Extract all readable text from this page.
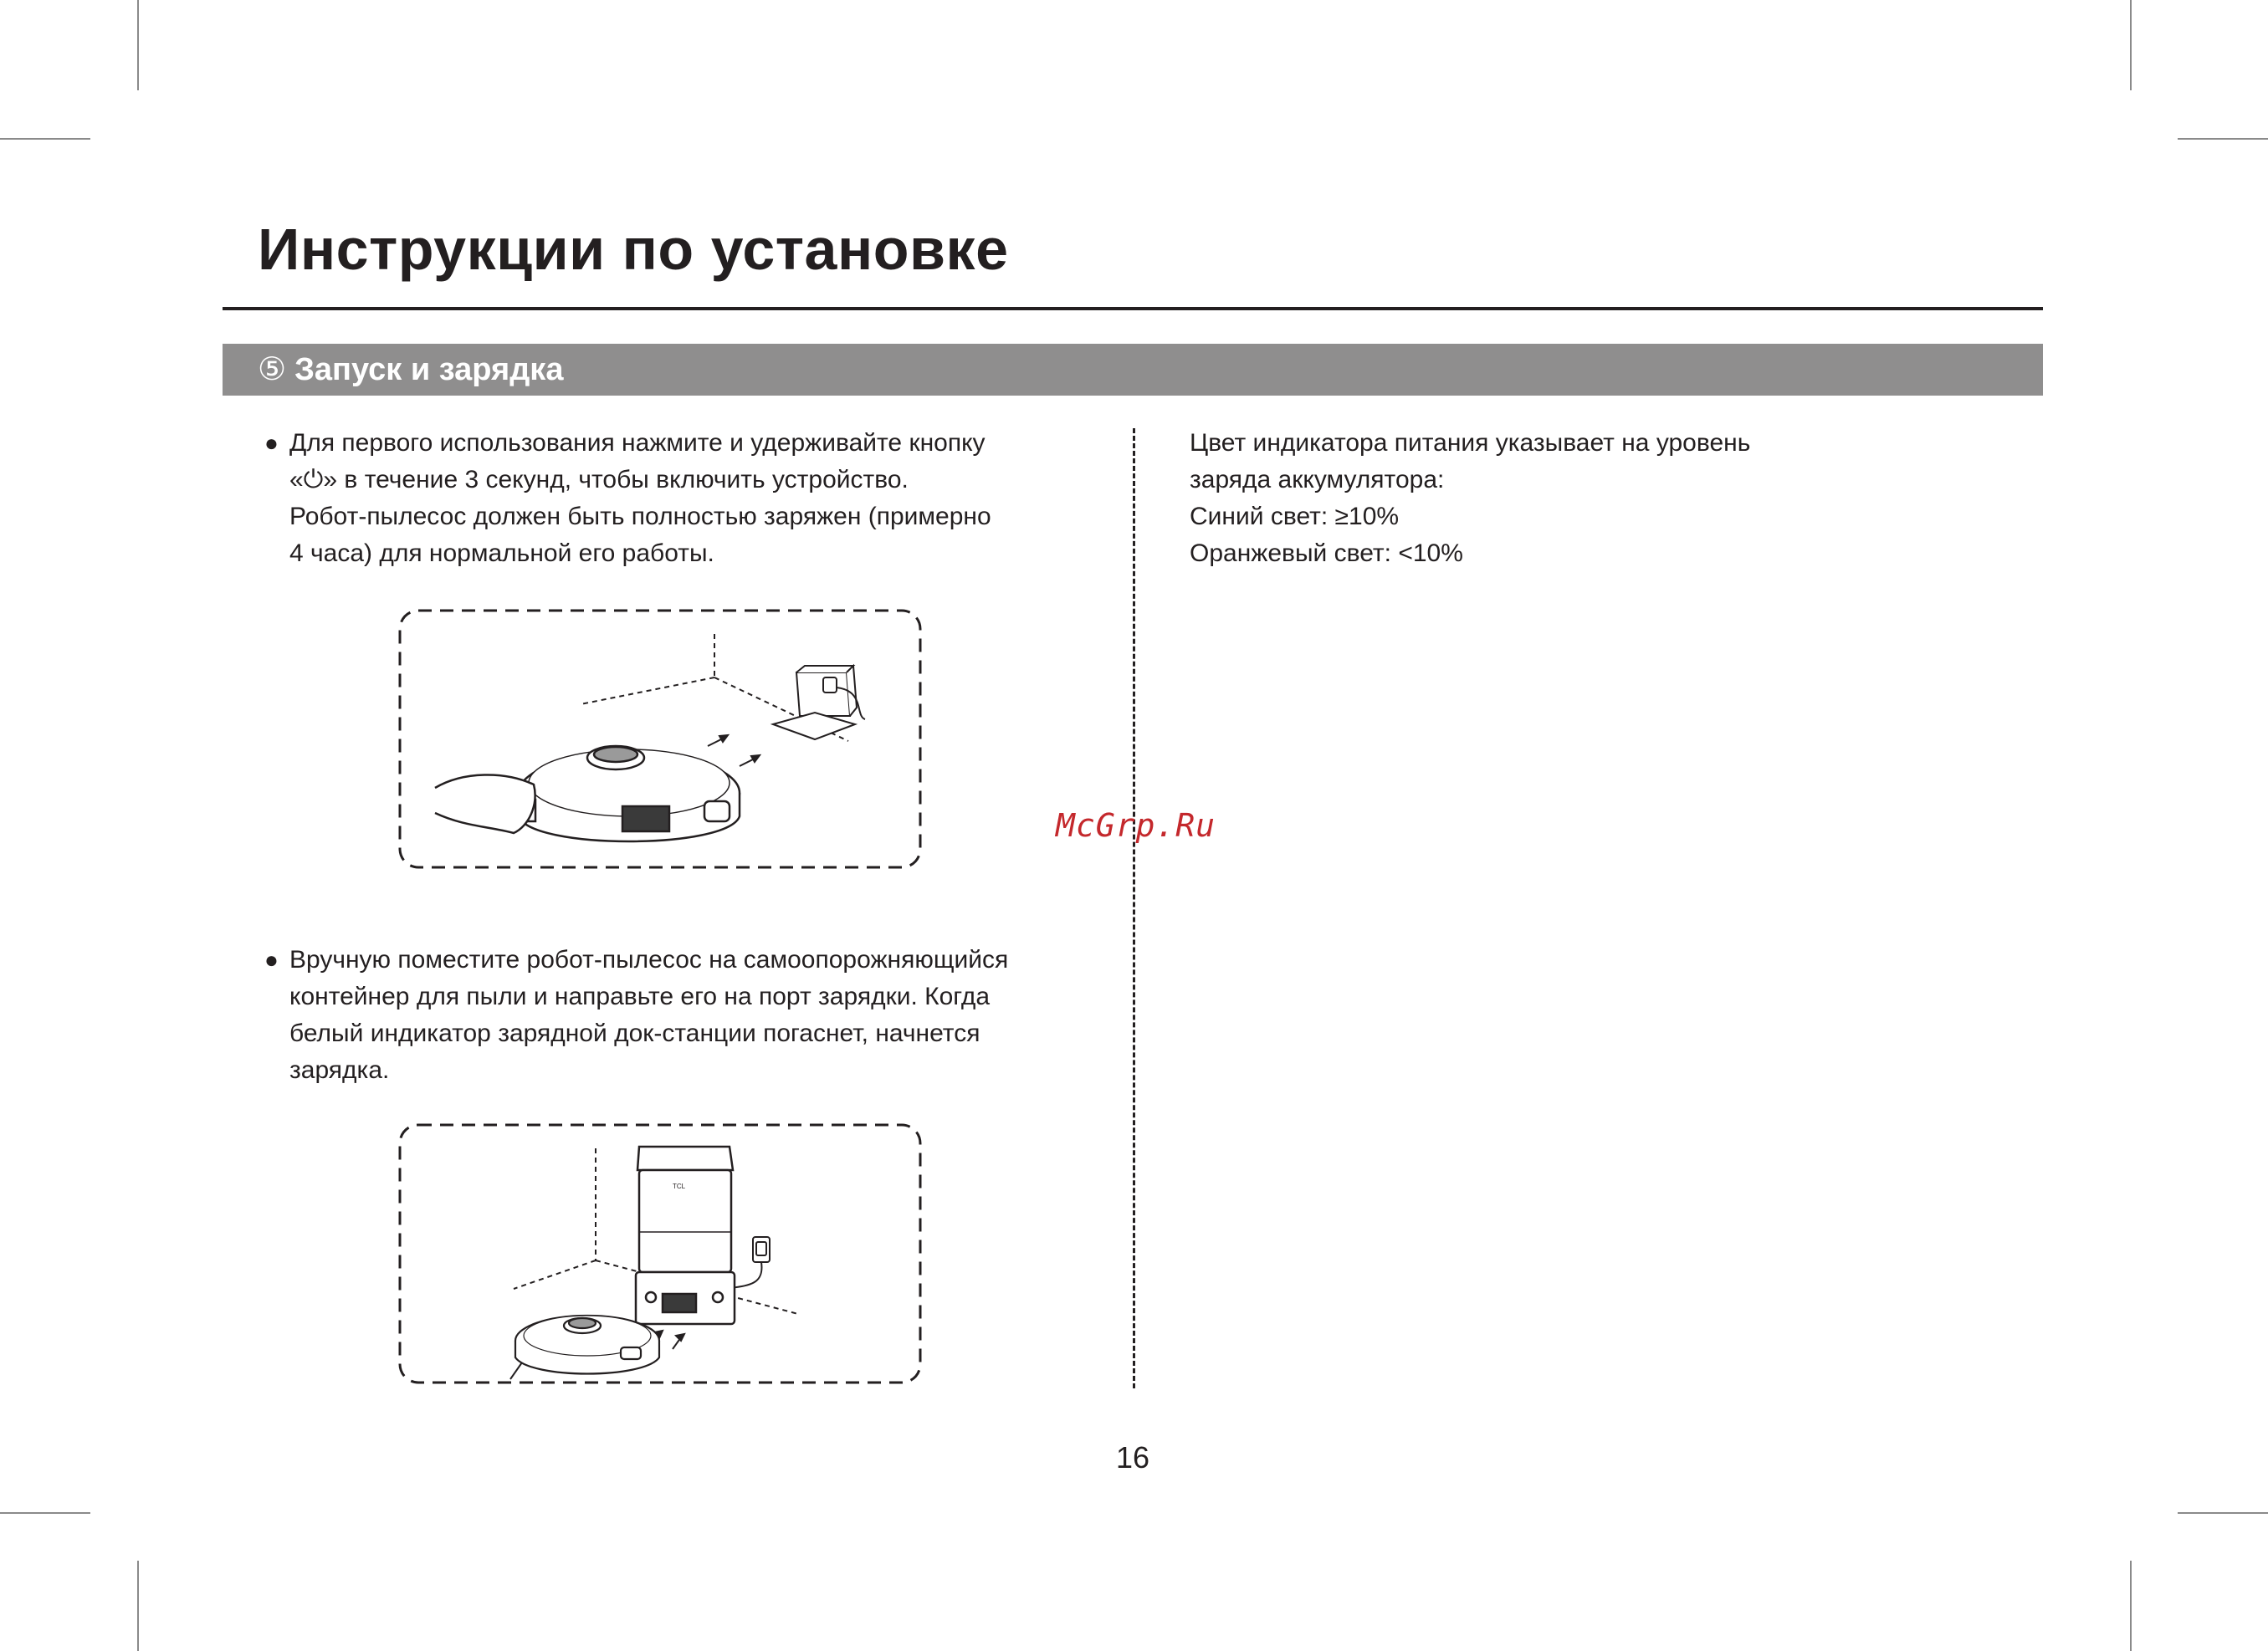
Инструкции по установке
⑤ Запуск и зарядка
● Для первого использования нажмите и удерживайте кнопку

«⏻» в течение 3 секунд, чтобы включить устройство.

Робот-пылесос должен быть полностью заряжен (примерно

4 часа) для нормальной его работы.

● Вручную поместите робот-пылесос на самоопорожняющийся

контейнер для пыли и направьте его на порт зарядки. Когда

белый индикатор зарядной док-станции погаснет, начнется

зарядка.

TCL

Цвет индикатора питания указывает на уровень

заряда аккумулятора:

Синий свет: ≥10%

Оранжевый свет: <10%

McGrp.Ru
16
